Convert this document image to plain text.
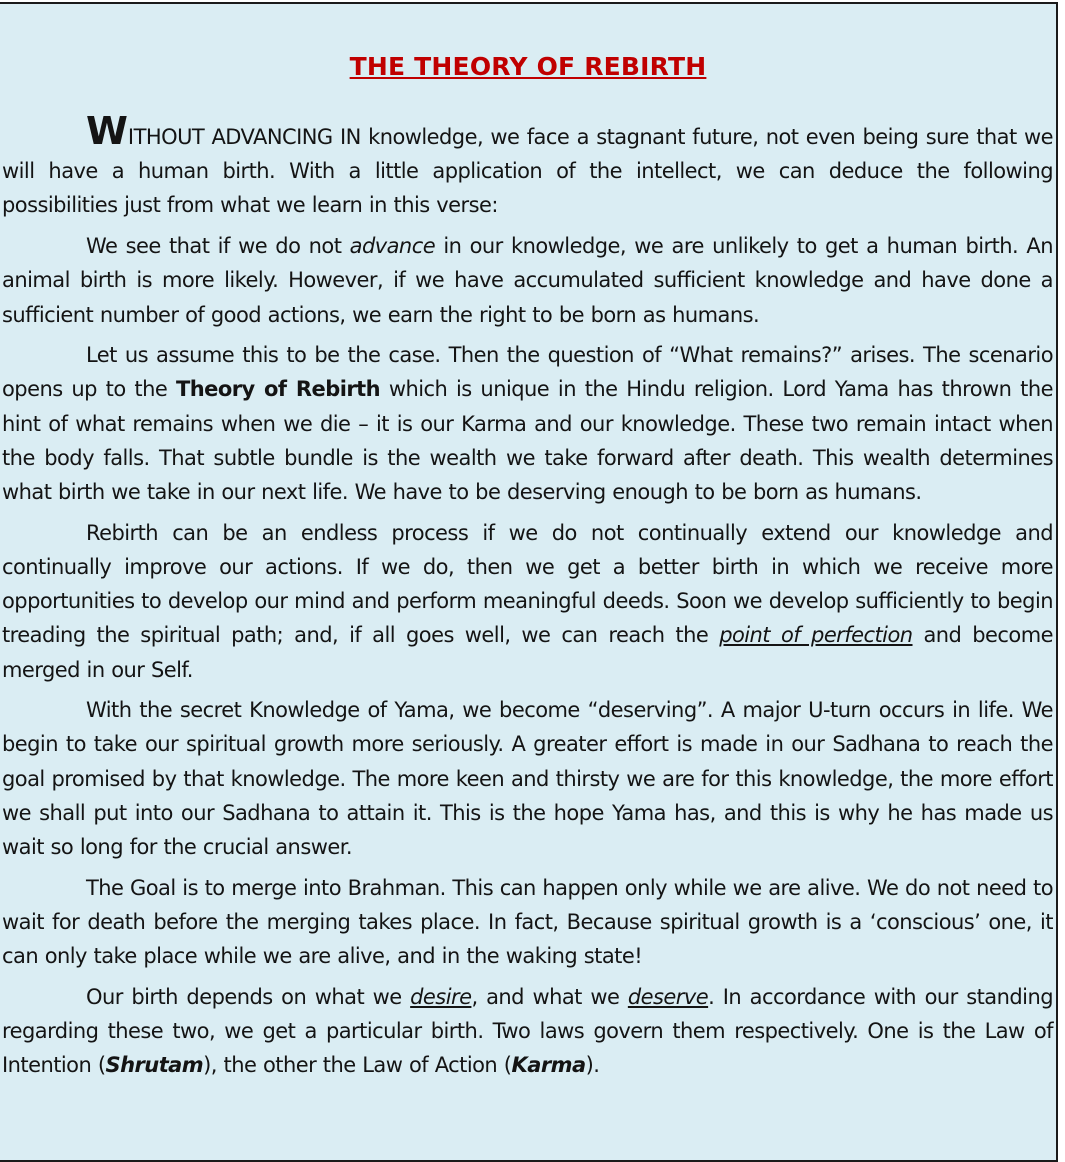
THE THEORY OF REBIRTH

WITHOUT ADVANCING IN knowledge, we face a stagnant future, not even being sure that we will have a human birth. With a little application of the intellect, we can deduce the following possibilities just from what we learn in this verse:

We see that if we do not advance in our knowledge, we are unlikely to get a human birth. An animal birth is more likely. However, if we have accumulated sufficient knowledge and have done a sufficient number of good actions, we earn the right to be born as humans.

Let us assume this to be the case. Then the question of “What remains?” arises. The scenario opens up to the Theory of Rebirth which is unique in the Hindu religion. Lord Yama has thrown the hint of what remains when we die – it is our Karma and our knowledge. These two remain intact when the body falls. That subtle bundle is the wealth we take forward after death. This wealth determines what birth we take in our next life. We have to be deserving enough to be born as humans.

Rebirth can be an endless process if we do not continually extend our knowledge and continually improve our actions. If we do, then we get a better birth in which we receive more opportunities to develop our mind and perform meaningful deeds. Soon we develop sufficiently to begin treading the spiritual path; and, if all goes well, we can reach the point of perfection and become merged in our Self.

With the secret Knowledge of Yama, we become “deserving”. A major U-turn occurs in life. We begin to take our spiritual growth more seriously. A greater effort is made in our Sadhana to reach the goal promised by that knowledge. The more keen and thirsty we are for this knowledge, the more effort we shall put into our Sadhana to attain it. This is the hope Yama has, and this is why he has made us wait so long for the crucial answer.

The Goal is to merge into Brahman. This can happen only while we are alive. We do not need to wait for death before the merging takes place. In fact, Because spiritual growth is a ‘conscious’ one, it can only take place while we are alive, and in the waking state!

Our birth depends on what we desire, and what we deserve. In accordance with our standing regarding these two, we get a particular birth. Two laws govern them respectively. One is the Law of Intention (Shrutam), the other the Law of Action (Karma).
